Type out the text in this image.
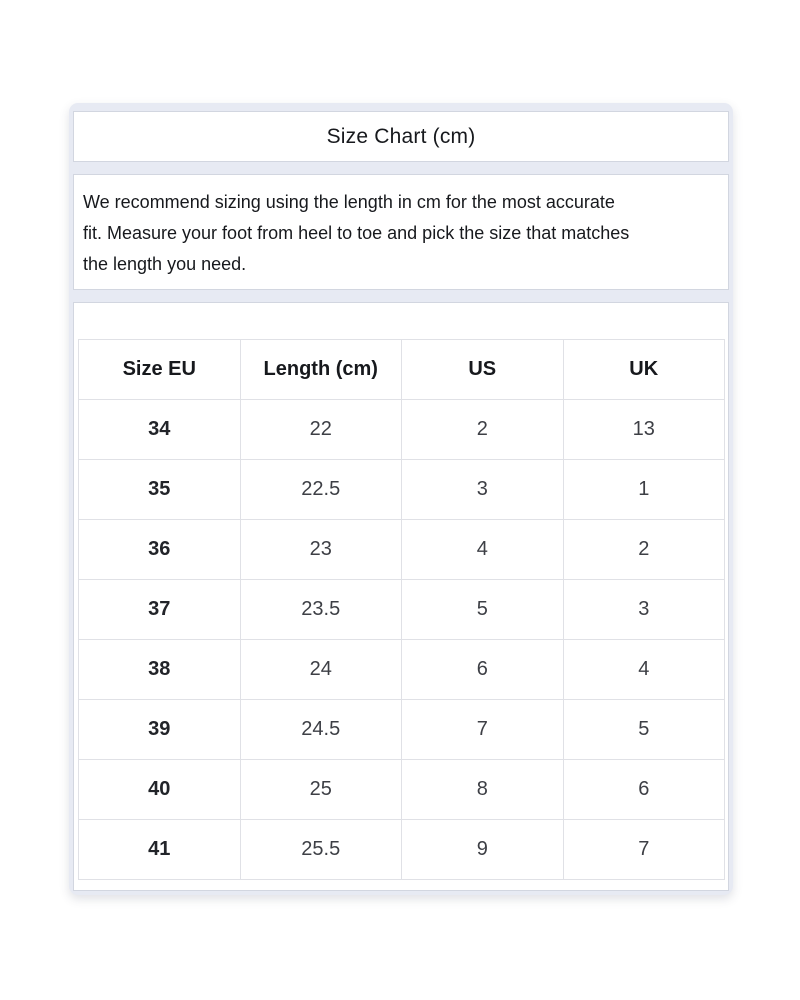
Size Chart (cm)
We recommend sizing using the length in cm for the most accurate
fit. Measure your foot from heel to toe and pick the size that matches
the length you need.
Size EU	Length (cm)	US	UK
34	22	2	13
35	22.5	3	1
36	23	4	2
37	23.5	5	3
38	24	6	4
39	24.5	7	5
40	25	8	6
41	25.5	9	7
